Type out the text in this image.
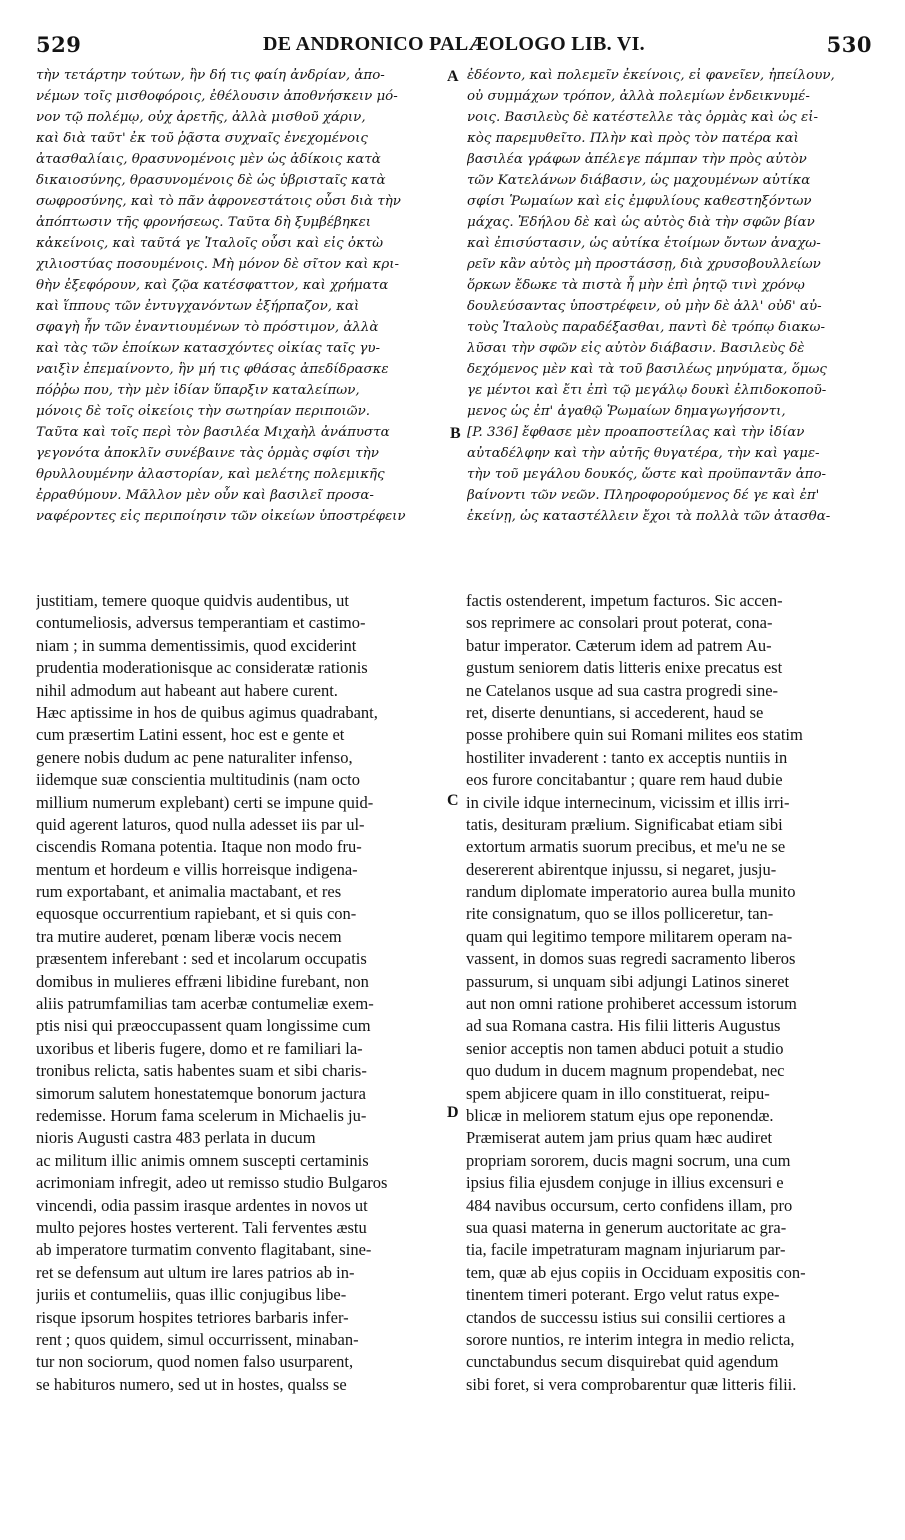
529	DE ANDRONICO PALÆOLOGO LIB. VI.	530
τὴν τετάρτην τούτων, ἣν δή τις φαίη ἀνδρίαν, ἀπο-
νέμων τοῖς μισθοφόροις, ἐθέλουσιν ἀποθνήσκειν μό-
νον τῷ πολέμῳ, οὐχ ἀρετῆς, ἀλλὰ μισθοῦ χάριν,
καὶ διὰ ταῦτ' ἐκ τοῦ ῥᾷστα συχναῖς ἐνεχομένοις
ἀτασθαλίαις, θρασυνομένοις μὲν ὡς ἀδίκοις κατὰ
δικαιοσύνης, θρασυνομένοις δὲ ὡς ὑβρισταῖς κατὰ
σωφροσύνης, καὶ τὸ πᾶν ἀφρονεστάτοις οὖσι διὰ τὴν
ἀπόπτωσιν τῆς φρονήσεως. Ταῦτα δὴ ξυμβέβηκει
κἀκείνοις, καὶ ταῦτά γε Ἰταλοῖς οὖσι καὶ εἰς ὀκτὼ
χιλιοστύας ποσουμένοις. Μὴ μόνον δὲ σῖτον καὶ κρι-
θὴν ἐξεφόρουν, καὶ ζῷα κατέσφαττον, καὶ χρήματα
καὶ ἵππους τῶν ἐντυγχανόντων ἐξήρπαζον, καὶ
σφαγὴ ἦν τῶν ἐναντιουμένων τὸ πρόστιμον, ἀλλὰ
καὶ τὰς τῶν ἐποίκων κατασχόντες οἰκίας ταῖς γυ-
ναιξὶν ἐπεμαίνοντο, ἣν μή τις φθάσας ἀπεδίδρασκε
πόῤῥω που, τὴν μὲν ἰδίαν ὕπαρξιν καταλείπων,
μόνοις δὲ τοῖς οἰκείοις τὴν σωτηρίαν περιποιῶν.
Ταῦτα καὶ τοῖς περὶ τὸν βασιλέα Μιχαὴλ ἀνάπυστα
γεγονότα ἀποκλῖν συνέβαινε τὰς ὁρμὰς σφίσι τὴν
θρυλλουμένην ἀλαστορίαν, καὶ μελέτης πολεμικῆς
ἐρραθύμουν. Μᾶλλον μὲν οὖν καὶ βασιλεῖ προσα-
ναφέροντες εἰς περιποίησιν τῶν οἰκείων ὑποστρέφειν
ἐδέοντο, καὶ πολεμεῖν ἐκείνοις, εἰ φανεῖεν, ἠπείλουν,
οὐ συμμάχων τρόπον, ἀλλὰ πολεμίων ἐνδεικνυμέ-
νοις. Βασιλεὺς δὲ κατέστελλε τὰς ὁρμὰς καὶ ὡς εἰ-
κὸς παρεμυθεῖτο. Πλὴν καὶ πρὸς τὸν πατέρα καὶ
βασιλέα γράφων ἀπέλεγε πάμπαν τὴν πρὸς αὐτὸν
τῶν Κατελάνων διάβασιν, ὡς μαχουμένων αὐτίκα
σφίσι Ῥωμαίων καὶ εἰς ἐμφυλίους καθεστηξόντων
μάχας. Ἐδήλου δὲ καὶ ὡς αὐτὸς διὰ τὴν σφῶν βίαν
καὶ ἐπισύστασιν, ὡς αὐτίκα ἑτοίμων ὄντων ἀναχω-
ρεῖν κἂν αὐτὸς μὴ προστάσσῃ, διὰ χρυσοβουλλείων
ὅρκων ἔδωκε τὰ πιστὰ ἦ μὴν ἐπὶ ῥητῷ τινὶ χρόνῳ
δουλεύσαντας ὑποστρέφειν, οὐ μὴν δὲ ἀλλ' οὐδ' αὐ-
τοὺς Ἰταλοὺς παραδέξασθαι, παντὶ δὲ τρόπῳ διακω-
λῦσαι τὴν σφῶν εἰς αὐτὸν διάβασιν. Βασιλεὺς δὲ
δεχόμενος μὲν καὶ τὰ τοῦ βασιλέως μηνύματα, ὅμως
γε μέντοι καὶ ἔτι ἐπὶ τῷ μεγάλῳ δουκὶ ἐλπιδοκοποῦ-
μενος ὡς ἐπ' ἀγαθῷ Ῥωμαίων δημαγωγήσοντι,
[P. 336] ἔφθασε μὲν προαποστείλας καὶ τὴν ἰδίαν
αὐταδέλφην καὶ τὴν αὐτῆς θυγατέρα, τὴν καὶ γαμε-
τὴν τοῦ μεγάλου δουκός, ὥστε καὶ προϋπαντᾶν ἀπο-
βαίνοντι τῶν νεῶν. Πληροφορούμενος δέ γε καὶ ἐπ'
ἐκείνῃ, ὡς καταστέλλειν ἔχοι τὰ πολλὰ τῶν ἀτασθα-
justitiam, temere quoque quidvis audentibus, ut
contumeliosis, adversus temperantiam et castimo-
niam ; in summa dementissimis, quod exciderint
prudentia moderationisque ac consideratæ rationis
nihil admodum aut habeant aut habere curent.
Hæc aptissime in hos de quibus agimus quadrabant,
cum præsertim Latini essent, hoc est e gente et
genere nobis dudum ac pene naturaliter infenso,
iidemque suæ conscientia multitudinis (nam octo
millium numerum explebant) certi se impune quid-
quid agerent laturos, quod nulla adesset iis par ul-
ciscendis Romana potentia. Itaque non modo fru-
mentum et hordeum e villis horreisque indigena-
rum exportabant, et animalia mactabant, et res
equosque occurrentium rapiebant, et si quis con-
tra mutire auderet, pœnam liberæ vocis necem
præsentem inferebant : sed et incolarum occupatis
domibus in mulieres effræni libidine furebant, non
aliis patrumfamilias tam acerbæ contumeliæ exem-
ptis nisi qui præoccupassent quam longissime cum
uxoribus et liberis fugere, domo et re familiari la-
tronibus relicta, satis habentes suam et sibi charis-
simorum salutem honestatemque bonorum jactura
redemisse. Horum fama scelerum in Michaelis ju-
nioris Augusti castra 483 perlata in ducum
ac militum illic animis omnem suscepti certaminis
acrimoniam infregit, adeo ut remisso studio Bulgaros
vincendi, odia passim irasque ardentes in novos ut
multo pejores hostes verterent. Tali ferventes æstu
ab imperatore turmatim convento flagitabant, sine-
ret se defensum aut ultum ire lares patrios ab in-
juriis et contumeliis, quas illic conjugibus libe-
risque ipsorum hospites tetriores barbaris infer-
rent ; quos quidem, simul occurrissent, minaban-
tur non sociorum, quod nomen falso usurparent,
se habituros numero, sed ut in hostes, qualss se
factis ostenderent, impetum facturos. Sic accen-
sos reprimere ac consolari prout poterat, cona-
batur imperator. Cæterum idem ad patrem Au-
gustum seniorem datis litteris enixe precatus est
ne Catelanos usque ad sua castra progredi sine-
ret, diserte denuntians, si accederent, haud se
posse prohibere quin sui Romani milites eos statim
hostiliter invaderent : tanto ex acceptis nuntiis in
eos furore concitabantur ; quare rem haud dubie
in civile idque internecinum, vicissim et illis irri-
tatis, desituram prælium. Significabat etiam sibi
extortum armatis suorum precibus, et me'u ne se
desererent abirentque injussu, si negaret, jusju-
randum diplomate imperatorio aurea bulla munito
rite consignatum, quo se illos polliceretur, tan-
quam qui legitimo tempore militarem operam na-
vassent, in domos suas regredi sacramento liberos
passurum, si unquam sibi adjungi Latinos sineret
aut non omni ratione prohiberet accessum istorum
ad sua Romana castra. His filii litteris Augustus
senior acceptis non tamen abduci potuit a studio
quo dudum in ducem magnum propendebat, nec
spem abjicere quam in illo constituerat, reipu-
blicæ in meliorem statum ejus ope reponendæ.
Præmiserat autem jam prius quam hæc audiret
propriam sororem, ducis magni socrum, una cum
ipsius filia ejusdem conjuge in illius excensuri e
484 navibus occursum, certo confidens illam, pro
sua quasi materna in generum auctoritate ac gra-
tia, facile impetraturam magnam injuriarum par-
tem, quæ ab ejus copiis in Occiduam expositis con-
tinentem timeri poterant. Ergo velut ratus expe-
ctandos de successu istius sui consilii certiores a
sorore nuntios, re interim integra in medio relicta,
cunctabundus secum disquirebat quid agendum
sibi foret, si vera comprobarentur quæ litteris filii.
A
B
C
D
